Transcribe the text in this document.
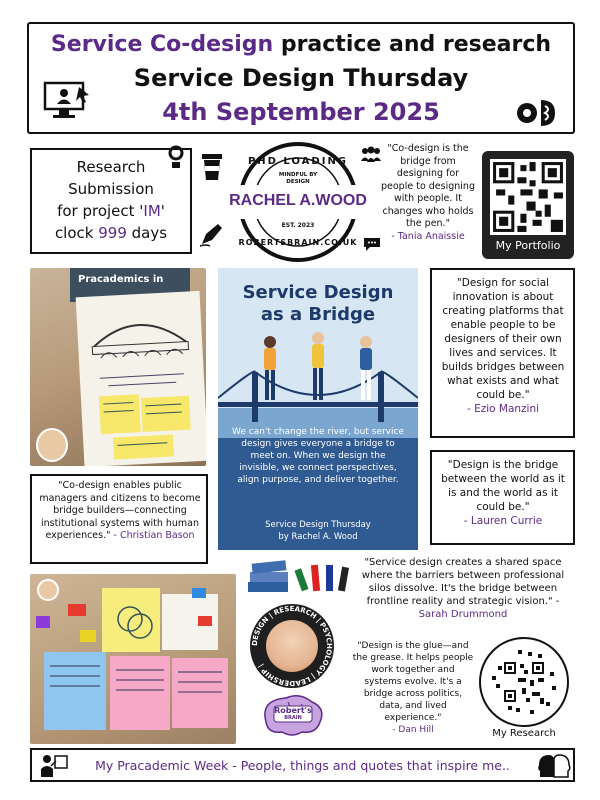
Service Co-design practice and research
Service Design Thursday
4th September 2025
Research
Submission
for project 'IM'
clock 999 days
PHD LOADING
MINDFUL BY DESIGN
RACHEL A.WOOD
EST. 2023
ROBERTSBRAIN.CO.UK
"Co-design is the bridge from designing for people to designing with people. It changes who holds the pen."
- Tania Anaissie
My Portfolio
Pracademics in
Service Design
as a Bridge
We can't change the river, but service design gives everyone a bridge to meet on. When we design the invisible, we connect perspectives, align purpose, and deliver together.
Service Design Thursday
by Rachel A. Wood
"Design for social innovation is about creating platforms that enable people to be designers of their own lives and services. It builds bridges between what exists and what could be."
- Ezio Manzini
"Design is the bridge between the world as it is and the world as it could be."
- Lauren Currie
"Co-design enables public managers and citizens to become bridge builders—connecting institutional systems with human experiences." - Christian Bason
"Service design creates a shared space where the barriers between professional silos dissolve. It's the bridge between frontline reality and strategic vision." -
Sarah Drummond
DESIGN | RESEARCH | PSYCHOLOGY | LEADERSHIP |
"Design is the glue—and the grease. It helps people work together and systems evolve. It's a bridge across politics, data, and lived experience."
- Dan Hill	My Research
Robert's
BRAIN
My Pracademic Week - People, things and quotes that inspire me..
